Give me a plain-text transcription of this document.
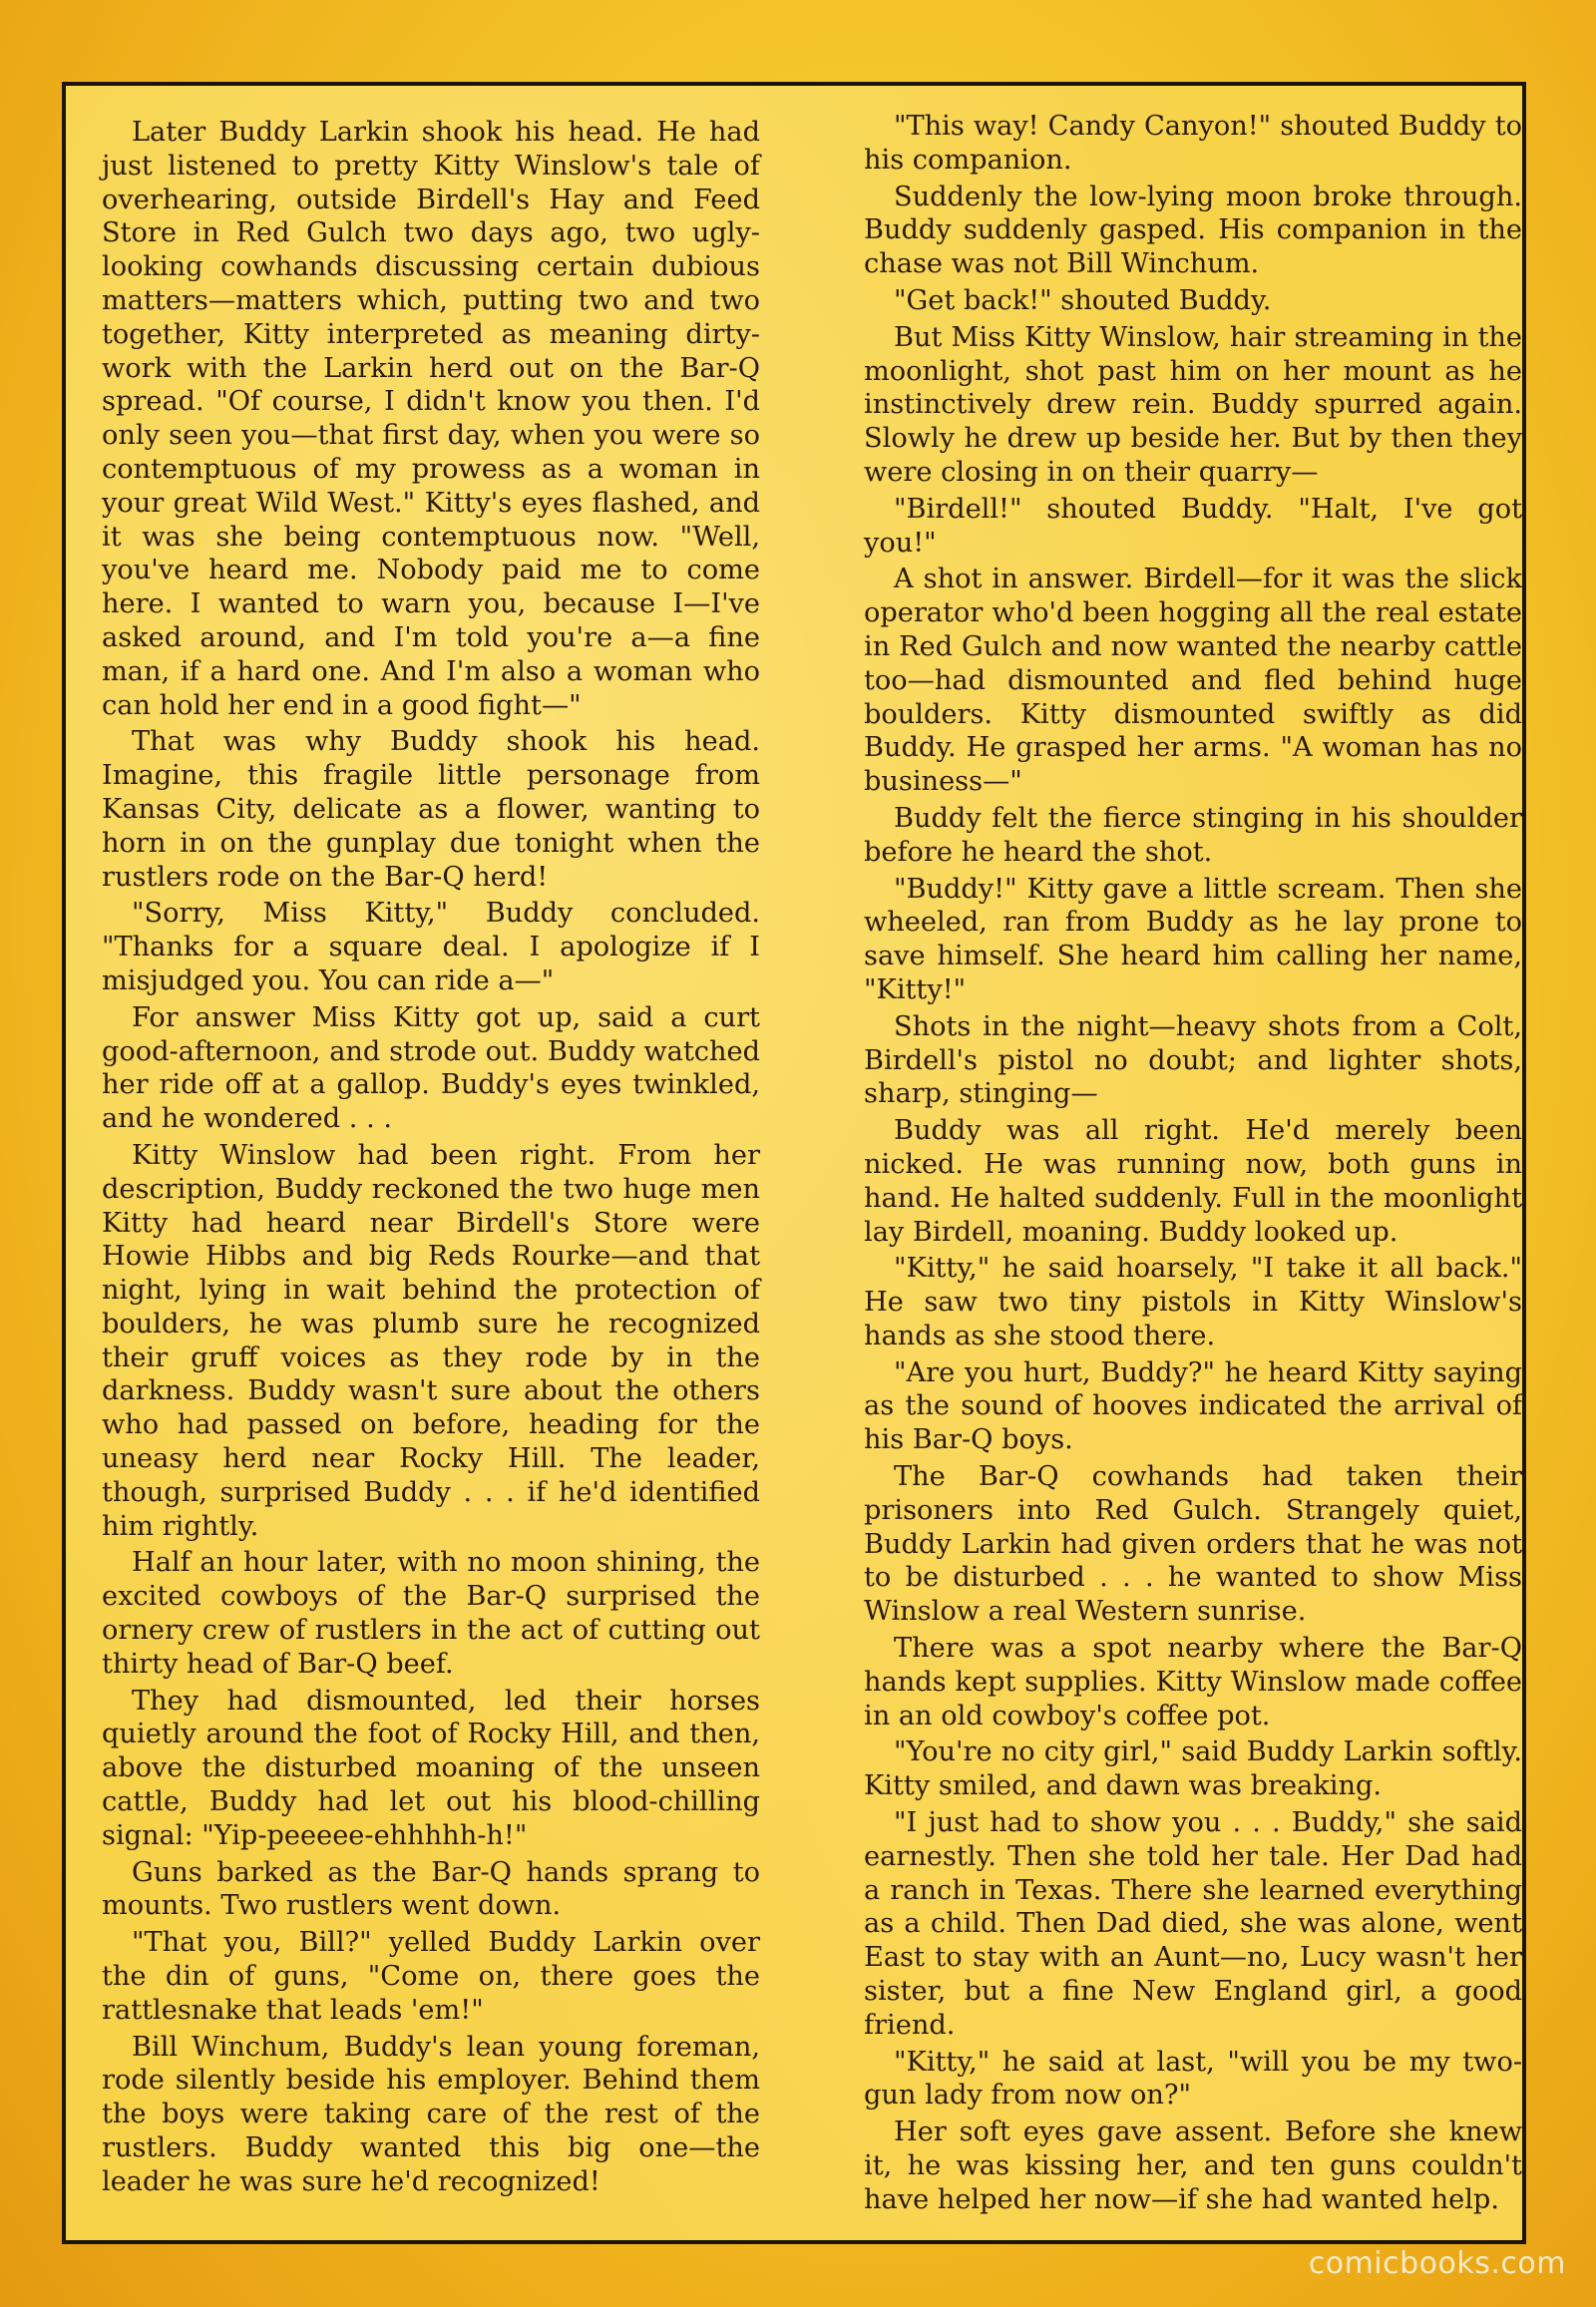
Later Buddy Larkin shook his head. He had just listened to pretty Kitty Winslow's tale of overhearing, outside Birdell's Hay and Feed Store in Red Gulch two days ago, two ugly-looking cowhands discussing certain dubious matters—matters which, putting two and two together, Kitty interpreted as meaning dirty-work with the Larkin herd out on the Bar-Q spread. "Of course, I didn't know you then. I'd only seen you—that first day, when you were so contemptuous of my prowess as a woman in your great Wild West." Kitty's eyes flashed, and it was she being contemptuous now. "Well, you've heard me. Nobody paid me to come here. I wanted to warn you, because I—I've asked around, and I'm told you're a—a fine man, if a hard one. And I'm also a woman who can hold her end in a good fight—"

That was why Buddy shook his head. Imagine, this fragile little personage from Kansas City, delicate as a flower, wanting to horn in on the gunplay due tonight when the rustlers rode on the Bar-Q herd!

"Sorry, Miss Kitty," Buddy concluded. "Thanks for a square deal. I apologize if I misjudged you. You can ride a—"

For answer Miss Kitty got up, said a curt good-afternoon, and strode out. Buddy watched her ride off at a gallop. Buddy's eyes twinkled, and he wondered . . .

Kitty Winslow had been right. From her description, Buddy reckoned the two huge men Kitty had heard near Birdell's Store were Howie Hibbs and big Reds Rourke—and that night, lying in wait behind the protection of boulders, he was plumb sure he recognized their gruff voices as they rode by in the darkness. Buddy wasn't sure about the others who had passed on before, heading for the uneasy herd near Rocky Hill. The leader, though, surprised Buddy . . . if he'd identified him rightly.

Half an hour later, with no moon shining, the excited cowboys of the Bar-Q surprised the ornery crew of rustlers in the act of cutting out thirty head of Bar-Q beef.

They had dismounted, led their horses quietly around the foot of Rocky Hill, and then, above the disturbed moaning of the unseen cattle, Buddy had let out his blood-chilling signal: "Yip-peeeee-ehhhhh-h!"

Guns barked as the Bar-Q hands sprang to mounts. Two rustlers went down.

"That you, Bill?" yelled Buddy Larkin over the din of guns, "Come on, there goes the rattlesnake that leads 'em!"

Bill Winchum, Buddy's lean young foreman, rode silently beside his employer. Behind them the boys were taking care of the rest of the rustlers. Buddy wanted this big one—the leader he was sure he'd recognized!

"This way! Candy Canyon!" shouted Buddy to his companion.

Suddenly the low-lying moon broke through. Buddy suddenly gasped. His companion in the chase was not Bill Winchum.

"Get back!" shouted Buddy.

But Miss Kitty Winslow, hair streaming in the moonlight, shot past him on her mount as he instinctively drew rein. Buddy spurred again. Slowly he drew up beside her. But by then they were closing in on their quarry—

"Birdell!" shouted Buddy. "Halt, I've got you!"

A shot in answer. Birdell—for it was the slick operator who'd been hogging all the real estate in Red Gulch and now wanted the nearby cattle too—had dismounted and fled behind huge boulders. Kitty dismounted swiftly as did Buddy. He grasped her arms. "A woman has no business—"

Buddy felt the fierce stinging in his shoulder before he heard the shot.

"Buddy!" Kitty gave a little scream. Then she wheeled, ran from Buddy as he lay prone to save himself. She heard him calling her name, "Kitty!"

Shots in the night—heavy shots from a Colt, Birdell's pistol no doubt; and lighter shots, sharp, stinging—

Buddy was all right. He'd merely been nicked. He was running now, both guns in hand. He halted suddenly. Full in the moonlight lay Birdell, moaning. Buddy looked up.

"Kitty," he said hoarsely, "I take it all back." He saw two tiny pistols in Kitty Winslow's hands as she stood there.

"Are you hurt, Buddy?" he heard Kitty saying as the sound of hooves indicated the arrival of his Bar-Q boys.

The Bar-Q cowhands had taken their prisoners into Red Gulch. Strangely quiet, Buddy Larkin had given orders that he was not to be disturbed . . . he wanted to show Miss Winslow a real Western sunrise.

There was a spot nearby where the Bar-Q hands kept supplies. Kitty Winslow made coffee in an old cowboy's coffee pot.

"You're no city girl," said Buddy Larkin softly. Kitty smiled, and dawn was breaking.

"I just had to show you . . . Buddy," she said earnestly. Then she told her tale. Her Dad had a ranch in Texas. There she learned everything as a child. Then Dad died, she was alone, went East to stay with an Aunt—no, Lucy wasn't her sister, but a fine New England girl, a good friend.

"Kitty," he said at last, "will you be my two-gun lady from now on?"

Her soft eyes gave assent. Before she knew it, he was kissing her, and ten guns couldn't have helped her now—if she had wanted help.

comicbooks.com
